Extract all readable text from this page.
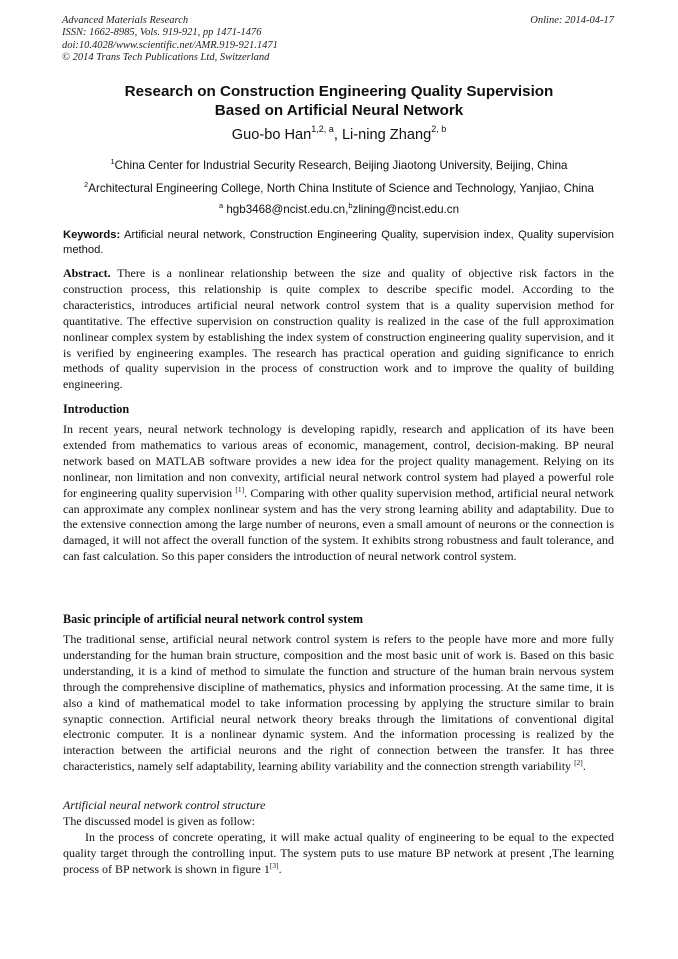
Advanced Materials Research
ISSN: 1662-8985, Vols. 919-921, pp 1471-1476
doi:10.4028/www.scientific.net/AMR.919-921.1471
© 2014 Trans Tech Publications Ltd, Switzerland
Online: 2014-04-17
Research on Construction Engineering Quality Supervision
Based on Artificial Neural Network
Guo-bo Han$^{1,2, a}$, Li-ning Zhang$^{2, b}$
$^1$China Center for Industrial Security Research, Beijing Jiaotong University, Beijing, China
$^2$Architectural Engineering College, North China Institute of Science and Technology, Yanjiao, China
$^a$ hgb3468@ncist.edu.cn,$^b$zlining@ncist.edu.cn
Keywords: Artificial neural network, Construction Engineering Quality, supervision index, Quality supervision method.
Abstract. There is a nonlinear relationship between the size and quality of objective risk factors in the construction process, this relationship is quite complex to describe specific model. According to the characteristics, introduces artificial neural network control system that is a quality supervision method for quantitative. The effective supervision on construction quality is realized in the case of the full approximation nonlinear complex system by establishing the index system of construction engineering quality supervision, and it is verified by engineering examples. The research has practical operation and guiding significance to enrich methods of quality supervision in the process of construction work and to improve the quality of building engineering.
Introduction
In recent years, neural network technology is developing rapidly, research and application of its have been extended from mathematics to various areas of economic, management, control, decision-making. BP neural network based on MATLAB software provides a new idea for the project quality management. Relying on its nonlinear, non limitation and non convexity, artificial neural network control system had played a powerful role for engineering quality supervision [1]. Comparing with other quality supervision method, artificial neural network can approximate any complex nonlinear system and has the very strong learning ability and adaptability. Due to the extensive connection among the large number of neurons, even a small amount of neurons or the connection is damaged, it will not affect the overall function of the system. It exhibits strong robustness and fault tolerance, and can fast calculation. So this paper considers the introduction of neural network control system.
Basic principle of artificial neural network control system
The traditional sense, artificial neural network control system is refers to the people have more and more fully understanding for the human brain structure, composition and the most basic unit of work is. Based on this basic understanding, it is a kind of method to simulate the function and structure of the human brain nervous system through the comprehensive discipline of mathematics, physics and information processing. At the same time, it is also a kind of mathematical model to take information processing by applying the structure similar to brain synaptic connection. Artificial neural network theory breaks through the limitations of conventional digital electronic computer. It is a nonlinear dynamic system. And the information processing is realized by the interaction between the artificial neurons and the right of connection between the transfer. It has three characteristics, namely self adaptability, learning ability variability and the connection strength variability [2].
Artificial neural network control structure
The discussed model is given as follow:
In the process of concrete operating, it will make actual quality of engineering to be equal to the expected quality target through the controlling input. The system puts to use mature BP network at present ,The learning process of BP network is shown in figure 1[3].
